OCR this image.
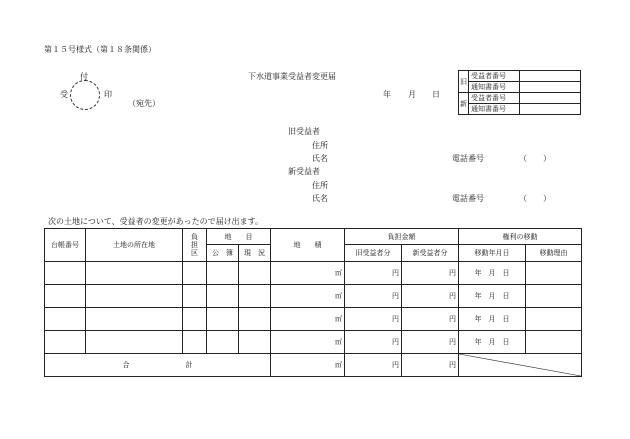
第１５号様式（第１８条関係）
下水道事業受益者変更届
付
受	印
（宛先）
年 月 日
旧	受益者番号	
	通知書番号	
新	受益者番号	
	通知書番号	
旧受益者
住所
氏名	電話番号	（　　）
新受益者
住所
氏名	電話番号	（　　）
次の土地について、受益者の変更があったので届け出ます。
台帳番号	土地の所在地	負担区	地　　目		地　　積	負担金額		権利の移動	
			公　簿	現　況		旧受益者分	新受益者分	移動年月日	移動理由
					㎡	円	円	年　月　日	
					㎡	円	円	年　月　日	
					㎡	円	円	年　月　日	
					㎡	円	円	年　月　日	
合　　　　　　　　計					㎡	円	円	
